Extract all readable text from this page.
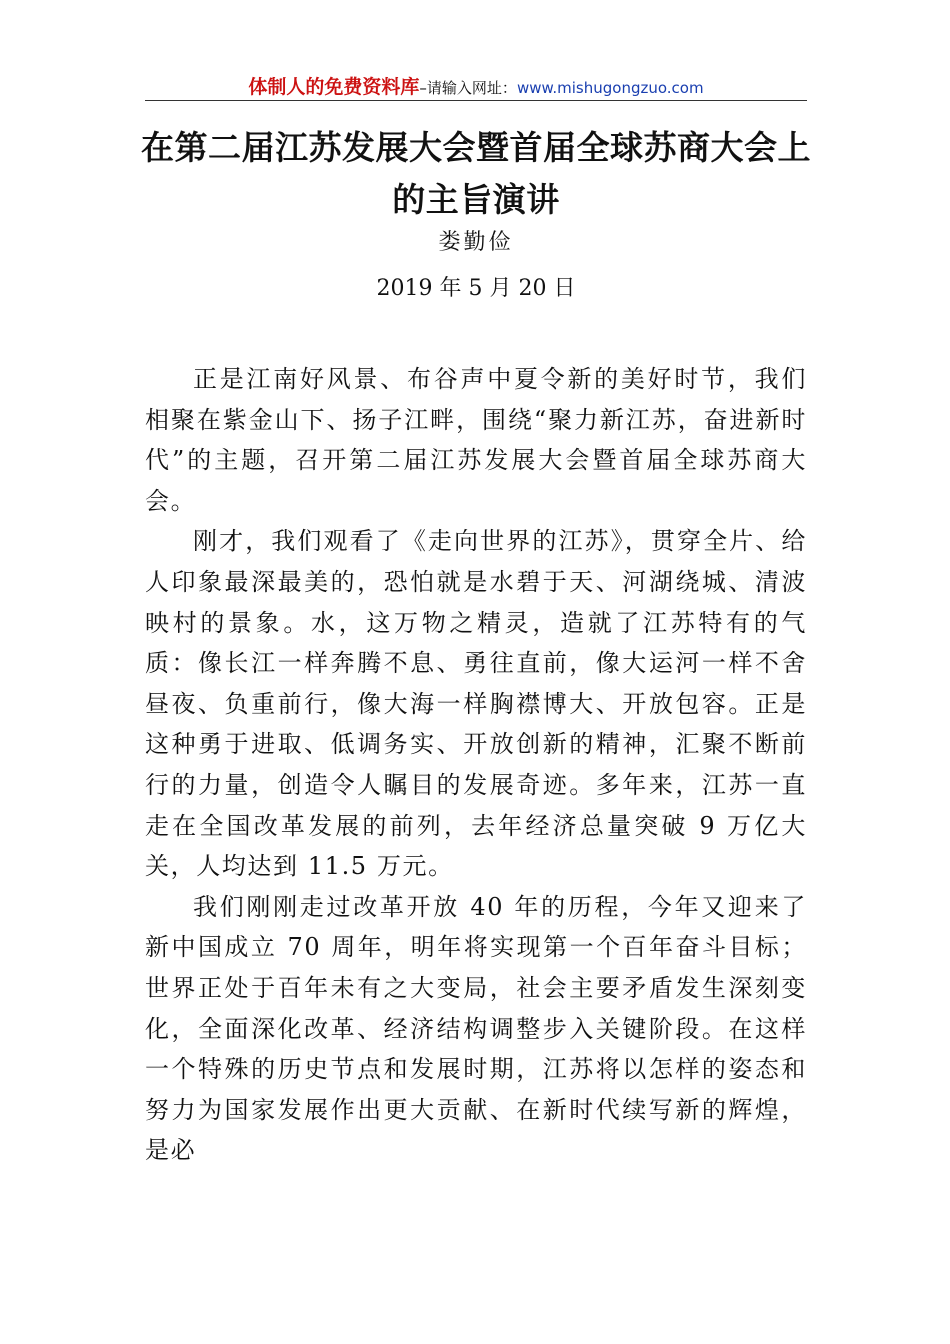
体制人的免费资料库–请输入网址：www.mishugongzuo.com
在第二届江苏发展大会暨首届全球苏商大会上的主旨演讲
娄勤俭
2019 年 5 月 20 日

正是江南好风景、布谷声中夏令新的美好时节，我们相聚在紫金山下、扬子江畔，围绕“聚力新江苏，奋进新时代”的主题，召开第二届江苏发展大会暨首届全球苏商大会。

刚才，我们观看了《走向世界的江苏》，贯穿全片、给人印象最深最美的，恐怕就是水碧于天、河湖绕城、清波映村的景象。水，这万物之精灵，造就了江苏特有的气质：像长江一样奔腾不息、勇往直前，像大运河一样不舍昼夜、负重前行，像大海一样胸襟博大、开放包容。正是这种勇于进取、低调务实、开放创新的精神，汇聚不断前行的力量，创造令人瞩目的发展奇迹。多年来，江苏一直走在全国改革发展的前列，去年经济总量突破 9 万亿大关，人均达到 11.5 万元。

我们刚刚走过改革开放 40 年的历程，今年又迎来了新中国成立 70 周年，明年将实现第一个百年奋斗目标；世界正处于百年未有之大变局，社会主要矛盾发生深刻变化，全面深化改革、经济结构调整步入关键阶段。在这样一个特殊的历史节点和发展时期，江苏将以怎样的姿态和努力为国家发展作出更大贡献、在新时代续写新的辉煌，是必
